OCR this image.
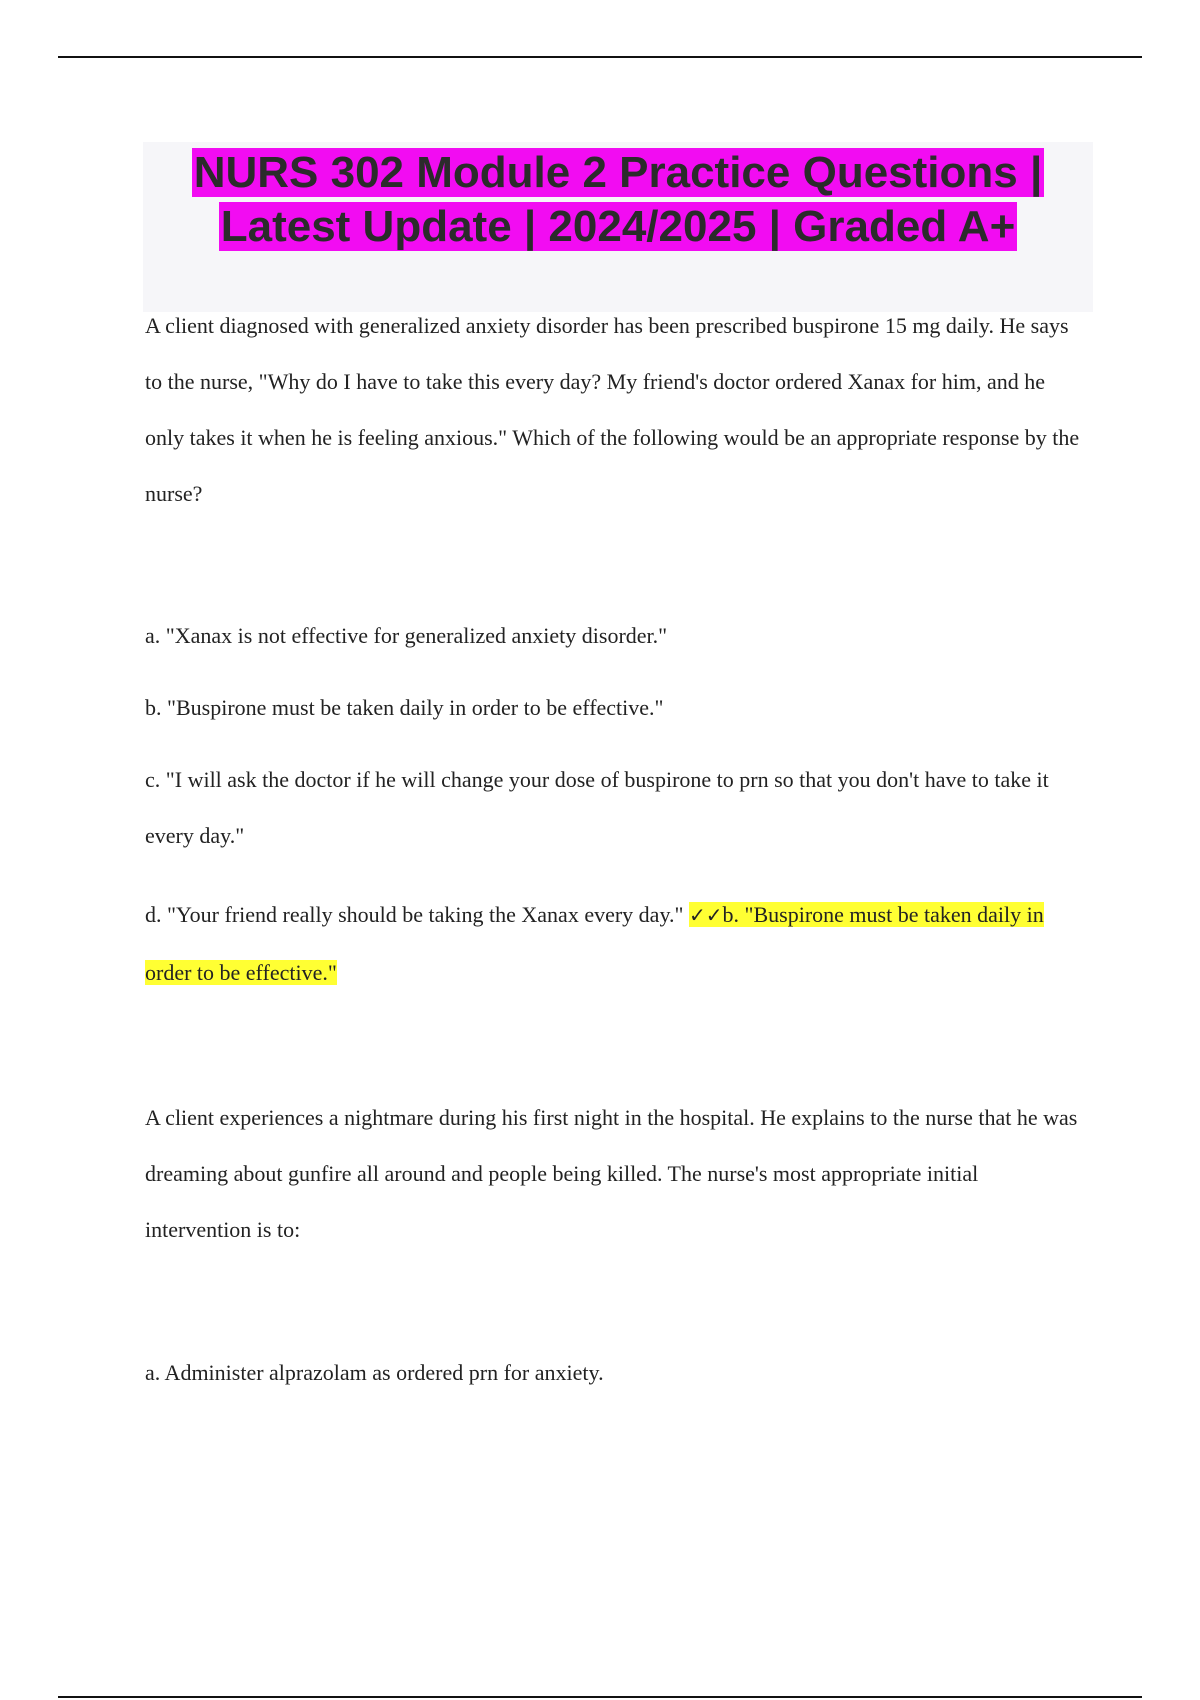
NURS 302 Module 2 Practice Questions |
Latest Update | 2024/2025 | Graded A+

A client diagnosed with generalized anxiety disorder has been prescribed buspirone 15 mg daily. He says to the nurse, "Why do I have to take this every day? My friend's doctor ordered Xanax for him, and he only takes it when he is feeling anxious." Which of the following would be an appropriate response by the nurse?

a. "Xanax is not effective for generalized anxiety disorder."

b. "Buspirone must be taken daily in order to be effective."

c. "I will ask the doctor if he will change your dose of buspirone to prn so that you don't have to take it every day."

d. "Your friend really should be taking the Xanax every day." ✓✓b. "Buspirone must be taken daily in order to be effective."

A client experiences a nightmare during his first night in the hospital. He explains to the nurse that he was dreaming about gunfire all around and people being killed. The nurse's most appropriate initial intervention is to:

a. Administer alprazolam as ordered prn for anxiety.
